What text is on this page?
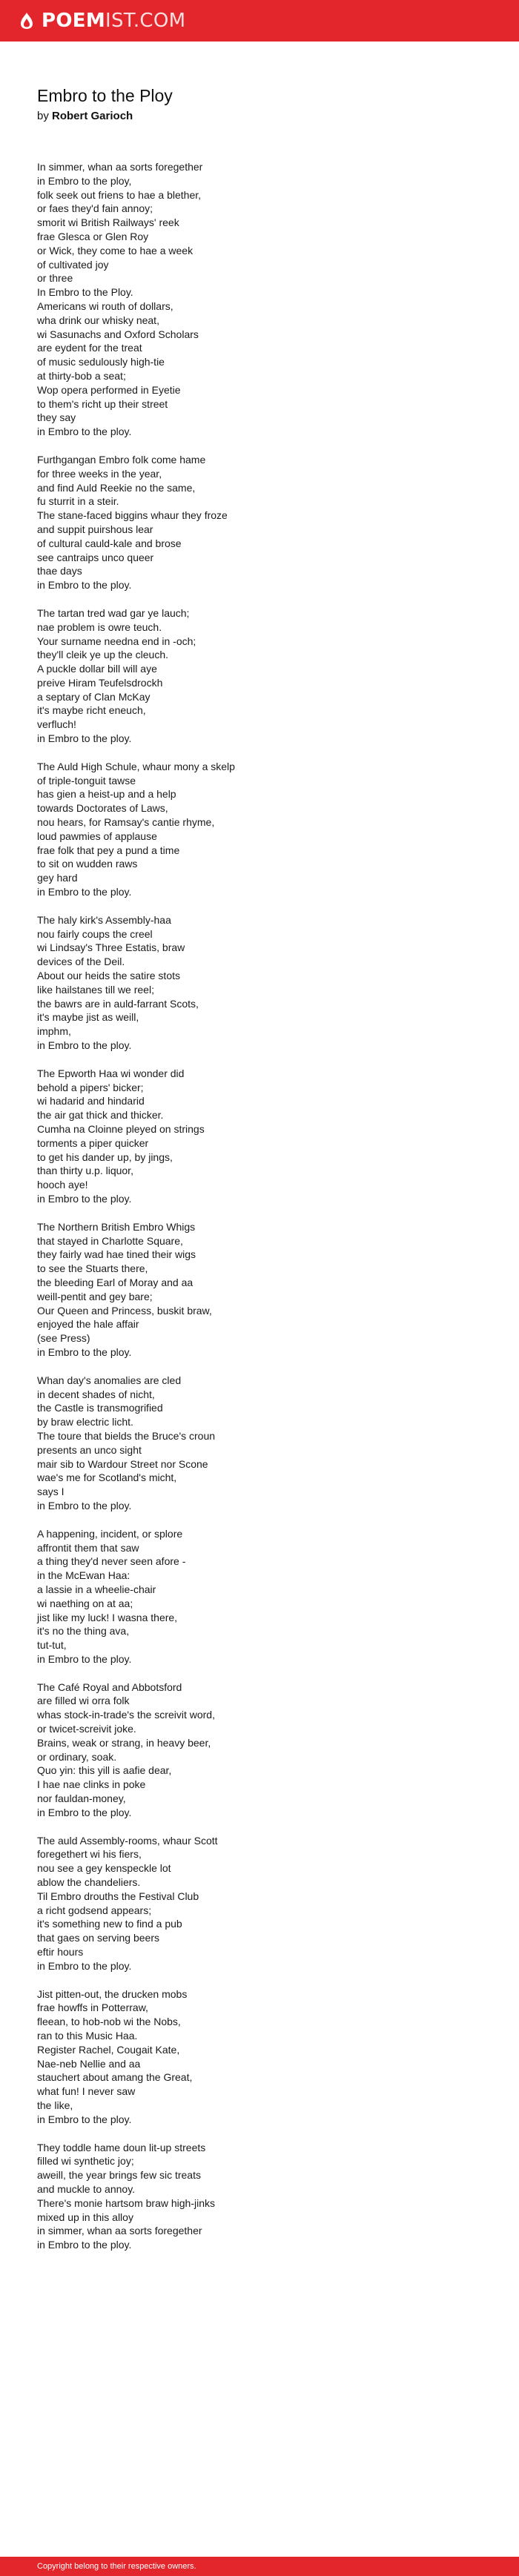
POEMIST.COM
Embro to the Ploy
by Robert Garioch
In simmer, whan aa sorts foregether
in Embro to the ploy,
folk seek out friens to hae a blether,
or faes they'd fain annoy;
smorit wi British Railways' reek
frae Glesca or Glen Roy
or Wick, they come to hae a week
of cultivated joy
or three
In Embro to the Ploy.
Americans wi routh of dollars,
wha drink our whisky neat,
wi Sasunachs and Oxford Scholars
are eydent for the treat
of music sedulously high-tie
at thirty-bob a seat;
Wop opera performed in Eyetie
to them's richt up their street
they say
in Embro to the ploy.
Furthgangan Embro folk come hame
for three weeks in the year,
and find Auld Reekie no the same,
fu sturrit in a steir.
The stane-faced biggins whaur they froze
and suppit puirshous lear
of cultural cauld-kale and brose
see cantraips unco queer
thae days
in Embro to the ploy.
The tartan tred wad gar ye lauch;
nae problem is owre teuch.
Your surname needna end in -och;
they'll cleik ye up the cleuch.
A puckle dollar bill will aye
preive Hiram Teufelsdrockh
a septary of Clan McKay
it's maybe richt eneuch,
verfluch!
in Embro to the ploy.
The Auld High Schule, whaur mony a skelp
of triple-tonguit tawse
has gien a heist-up and a help
towards Doctorates of Laws,
nou hears, for Ramsay's cantie rhyme,
loud pawmies of applause
frae folk that pey a pund a time
to sit on wudden raws
gey hard
in Embro to the ploy.
The haly kirk's Assembly-haa
nou fairly coups the creel
wi Lindsay's Three Estatis, braw
devices of the Deil.
About our heids the satire stots
like hailstanes till we reel;
the bawrs are in auld-farrant Scots,
it's maybe jist as weill,
imphm,
in Embro to the ploy.
The Epworth Haa wi wonder did
behold a pipers' bicker;
wi hadarid and hindarid
the air gat thick and thicker.
Cumha na Cloinne pleyed on strings
torments a piper quicker
to get his dander up, by jings,
than thirty u.p. liquor,
hooch aye!
in Embro to the ploy.
The Northern British Embro Whigs
that stayed in Charlotte Square,
they fairly wad hae tined their wigs
to see the Stuarts there,
the bleeding Earl of Moray and aa
weill-pentit and gey bare;
Our Queen and Princess, buskit braw,
enjoyed the hale affair
(see Press)
in Embro to the ploy.
Whan day's anomalies are cled
in decent shades of nicht,
the Castle is transmogrified
by braw electric licht.
The toure that bields the Bruce's croun
presents an unco sight
mair sib to Wardour Street nor Scone
wae's me for Scotland's micht,
says I
in Embro to the ploy.
A happening, incident, or splore
affrontit them that saw
a thing they'd never seen afore -
in the McEwan Haa:
a lassie in a wheelie-chair
wi naething on at aa;
jist like my luck! I wasna there,
it's no the thing ava,
tut-tut,
in Embro to the ploy.
The Café Royal and Abbotsford
are filled wi orra folk
whas stock-in-trade's the screivit word,
or twicet-screivit joke.
Brains, weak or strang, in heavy beer,
or ordinary, soak.
Quo yin: this yill is aafie dear,
I hae nae clinks in poke
nor fauldan-money,
in Embro to the ploy.
The auld Assembly-rooms, whaur Scott
foregethert wi his fiers,
nou see a gey kenspeckle lot
ablow the chandeliers.
Til Embro drouths the Festival Club
a richt godsend appears;
it's something new to find a pub
that gaes on serving beers
eftir hours
in Embro to the ploy.
Jist pitten-out, the drucken mobs
frae howffs in Potterraw,
fleean, to hob-nob wi the Nobs,
ran to this Music Haa.
Register Rachel, Cougait Kate,
Nae-neb Nellie and aa
stauchert about amang the Great,
what fun! I never saw
the like,
in Embro to the ploy.
They toddle hame doun lit-up streets
filled wi synthetic joy;
aweill, the year brings few sic treats
and muckle to annoy.
There's monie hartsom braw high-jinks
mixed up in this alloy
in simmer, whan aa sorts foregether
in Embro to the ploy.
Copyright belong to their respective owners.
